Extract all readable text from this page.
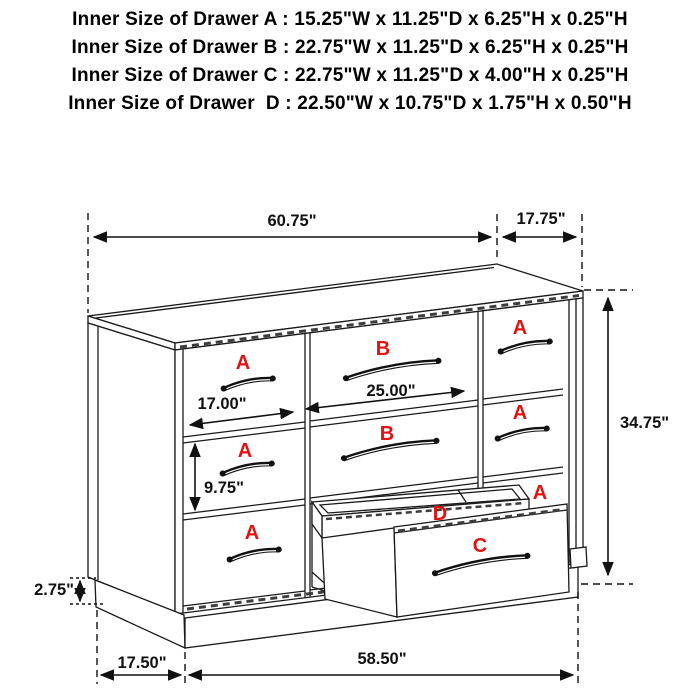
Inner Size of Drawer A : 15.25"W x 11.25"D x 6.25"H x 0.25"H
Inner Size of Drawer B : 22.75"W x 11.25"D x 6.25"H x 0.25"H
Inner Size of Drawer C : 22.75"W x 11.25"D x 4.00"H x 0.25"H
Inner Size of Drawer  D : 22.50"W x 10.75"D x 1.75"H x 0.50"H
A
B
A
A
B
A
A
A
D
C
60.75"	17.75"
17.00"
25.00"
9.75"
34.75"
2.75"
17.50"	58.50"
